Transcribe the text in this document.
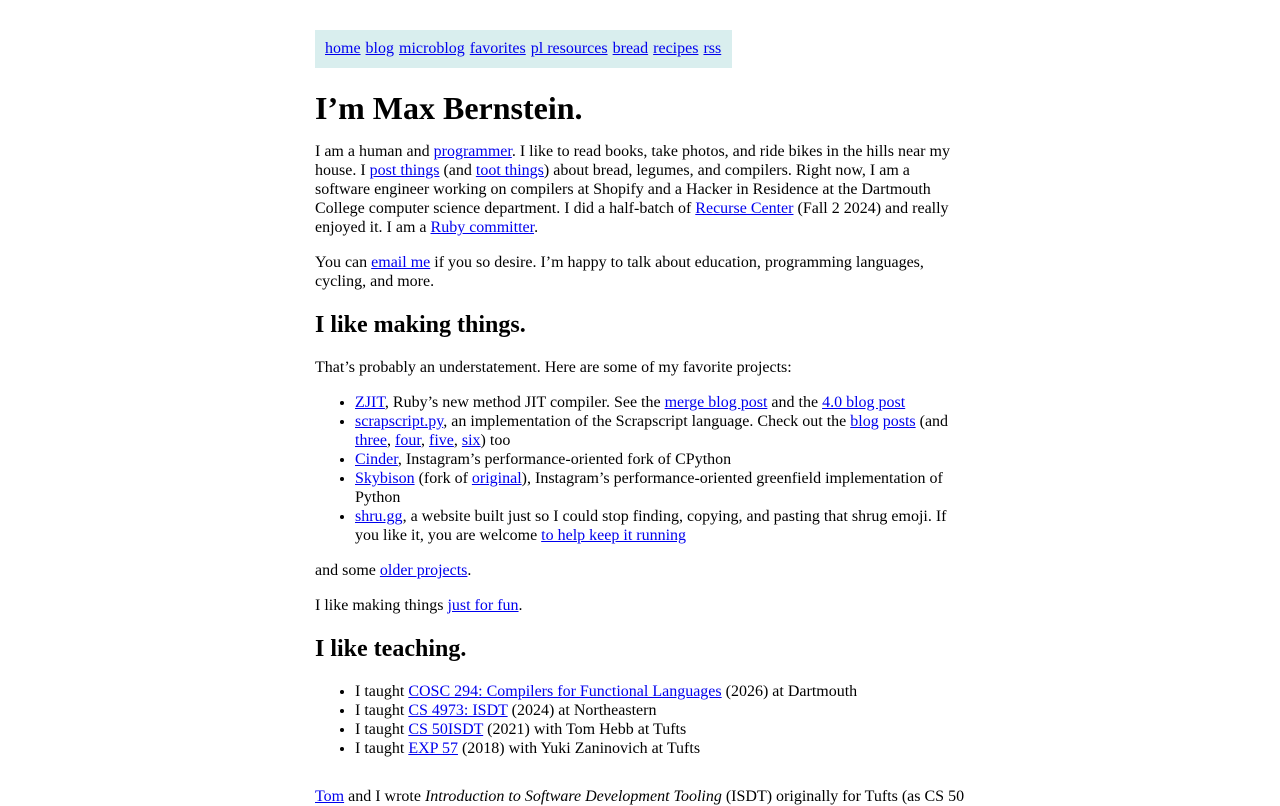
home blog microblog favorites pl resources bread recipes rss
I’m Max Bernstein.

I am a human and programmer. I like to read books, take photos, and ride bikes in the hills near my house. I post things (and toot things) about bread, legumes, and compilers. Right now, I am a software engineer working on compilers at Shopify and a Hacker in Residence at the Dartmouth College computer science department. I did a half-batch of Recurse Center (Fall 2 2024) and really enjoyed it. I am a Ruby committer.

You can email me if you so desire. I’m happy to talk about education, programming languages, cycling, and more.

I like making things.

That’s probably an understatement. Here are some of my favorite projects:

• ZJIT, Ruby’s new method JIT compiler. See the merge blog post and the 4.0 blog post
• scrapscript.py, an implementation of the Scrapscript language. Check out the blog posts (and three, four, five, six) too
• Cinder, Instagram’s performance-oriented fork of CPython
• Skybison (fork of original), Instagram’s performance-oriented greenfield implementation of Python
• shru.gg, a website built just so I could stop finding, copying, and pasting that shrug emoji. If you like it, you are welcome to help keep it running

and some older projects.

I like making things just for fun.

I like teaching.
• I taught COSC 294: Compilers for Functional Languages (2026) at Dartmouth
• I taught CS 4973: ISDT (2024) at Northeastern
• I taught CS 50ISDT (2021) with Tom Hebb at Tufts
• I taught EXP 57 (2018) with Yuki Zaninovich at Tufts
Tom and I wrote Introduction to Software Development Tooling (ISDT) originally for Tufts (as CS 50
